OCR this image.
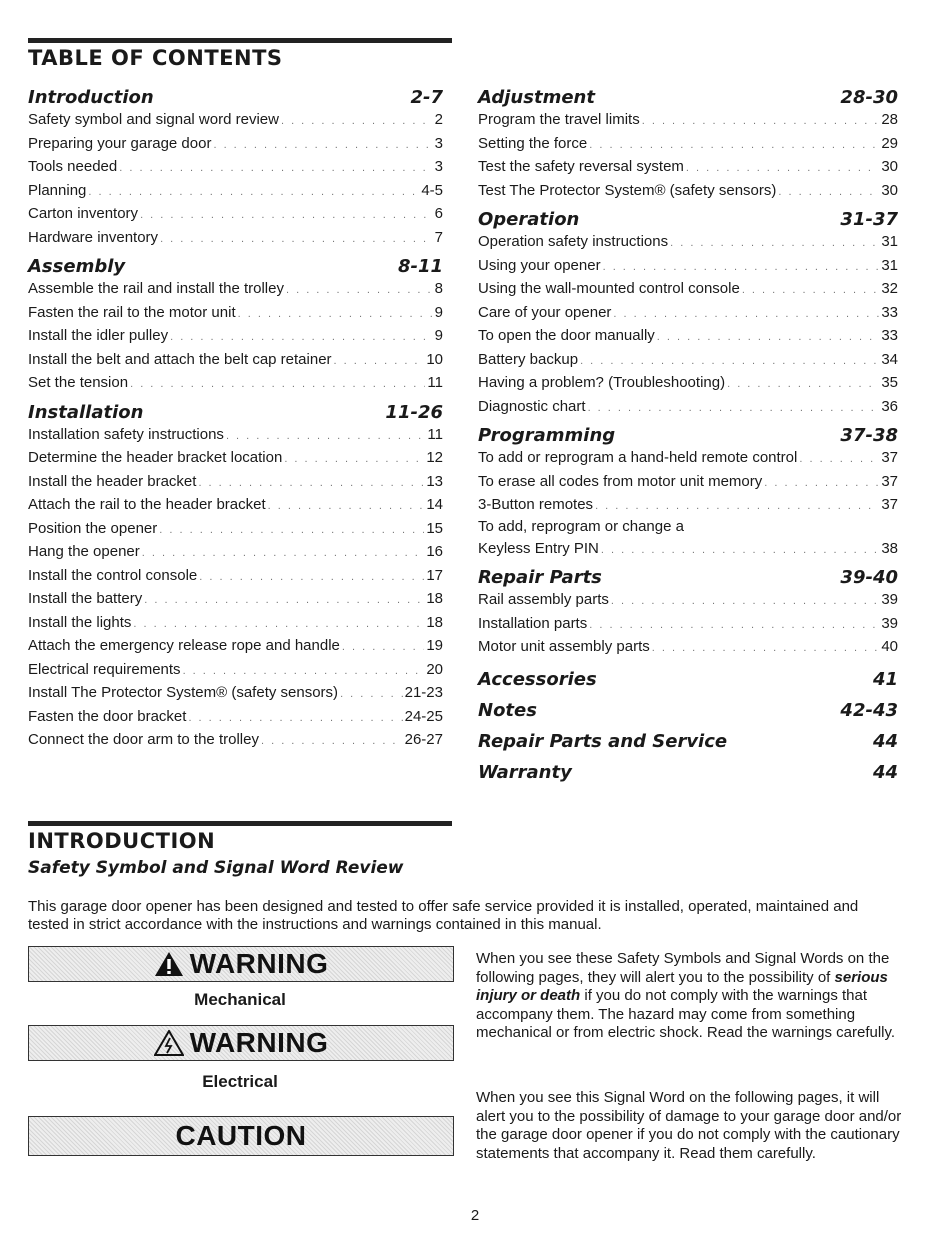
TABLE OF CONTENTS
Introduction	2-7
Safety symbol and signal word review . . .	2
Preparing your garage door . . .	3
Tools needed . . .	3
Planning . . .	4-5
Carton inventory . . .	6
Hardware inventory . . .	7
Assembly	8-11
Assemble the rail and install the trolley . . .	8
Fasten the rail to the motor unit . . .	9
Install the idler pulley . . .	9
Install the belt and attach the belt cap retainer . . .	10
Set the tension . . .	11
Installation	11-26
Installation safety instructions . . .	11
Determine the header bracket location . . .	12
Install the header bracket . . .	13
Attach the rail to the header bracket . . .	14
Position the opener . . .	15
Hang the opener . . .	16
Install the control console . . .	17
Install the battery . . .	18
Install the lights . . .	18
Attach the emergency release rope and handle . . .	19
Electrical requirements . . .	20
Install The Protector System® (safety sensors) . . .	21-23
Fasten the door bracket . . .	24-25
Connect the door arm to the trolley . . .	26-27
Adjustment	28-30
Program the travel limits . . .	28
Setting the force . . .	29
Test the safety reversal system . . .	30
Test The Protector System® (safety sensors) . . .	30
Operation	31-37
Operation safety instructions . . .	31
Using your opener . . .	31
Using the wall-mounted control console . . .	32
Care of your opener . . .	33
To open the door manually . . .	33
Battery backup . . .	34
Having a problem? (Troubleshooting) . . .	35
Diagnostic chart . . .	36
Programming	37-38
To add or reprogram a hand-held remote control . . .	37
To erase all codes from motor unit memory . . .	37
3-Button remotes . . .	37
To add, reprogram or change a
Keyless Entry PIN . . .	38
Repair Parts	39-40
Rail assembly parts . . .	39
Installation parts . . .	39
Motor unit assembly parts . . .	40
Accessories	41
Notes	42-43
Repair Parts and Service	44
Warranty	44
INTRODUCTION
Safety Symbol and Signal Word Review
This garage door opener has been designed and tested to offer safe service provided it is installed, operated, maintained and tested in strict accordance with the instructions and warnings contained in this manual.
WARNING
Mechanical
WARNING
Electrical
CAUTION
When you see these Safety Symbols and Signal Words on the following pages, they will alert you to the possibility of serious injury or death if you do not comply with the warnings that accompany them. The hazard may come from something mechanical or from electric shock. Read the warnings carefully.
When you see this Signal Word on the following pages, it will alert you to the possibility of damage to your garage door and/or the garage door opener if you do not comply with the cautionary statements that accompany it. Read them carefully.
2
